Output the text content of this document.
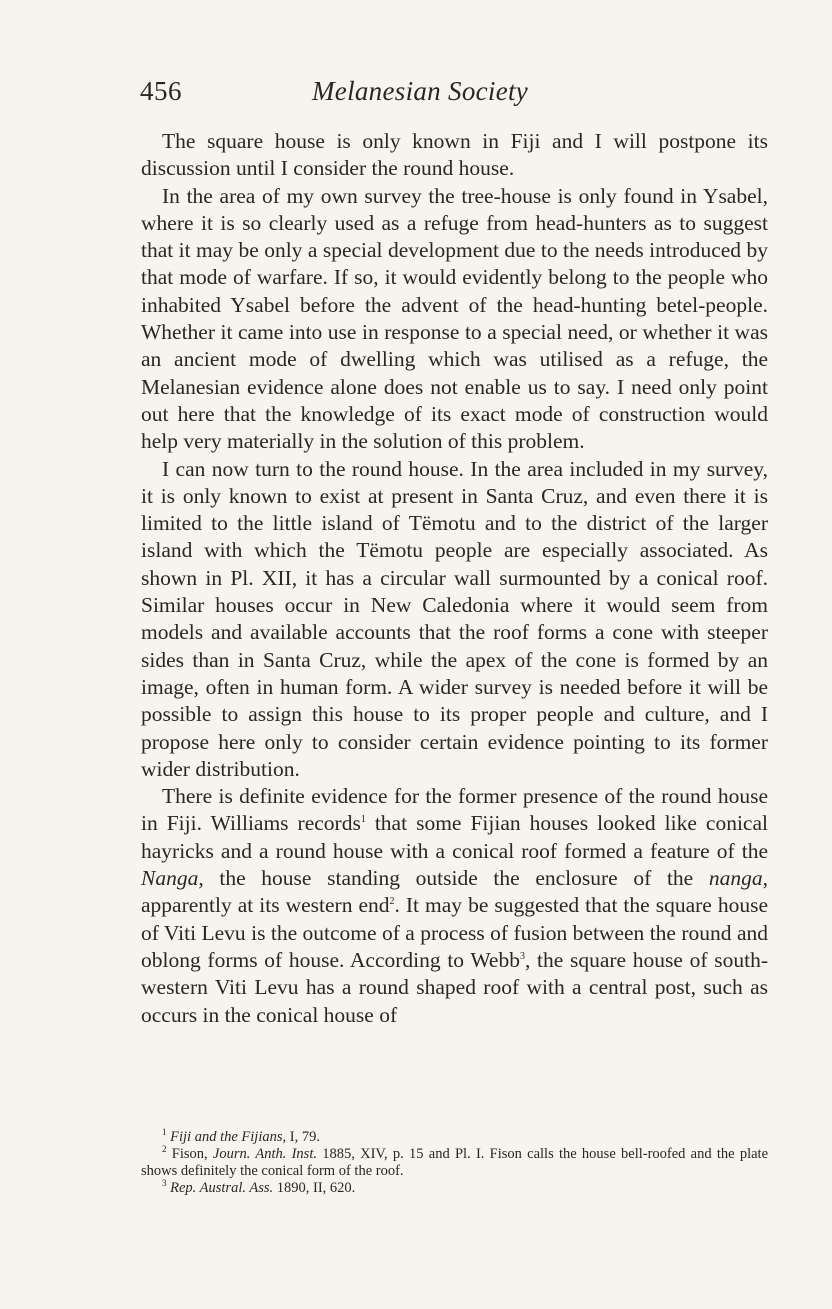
456	Melanesian Society

The square house is only known in Fiji and I will postpone its discussion until I consider the round house.

In the area of my own survey the tree-house is only found in Ysabel, where it is so clearly used as a refuge from head-hunters as to suggest that it may be only a special development due to the needs introduced by that mode of warfare. If so, it would evidently belong to the people who inhabited Ysabel before the advent of the head-hunting betel-people. Whether it came into use in response to a special need, or whether it was an ancient mode of dwelling which was utilised as a refuge, the Melanesian evidence alone does not enable us to say. I need only point out here that the knowledge of its exact mode of construction would help very materially in the solution of this problem.

I can now turn to the round house. In the area included in my survey, it is only known to exist at present in Santa Cruz, and even there it is limited to the little island of Tëmotu and to the district of the larger island with which the Tëmotu people are especially associated. As shown in Pl. XII, it has a circular wall surmounted by a conical roof. Similar houses occur in New Caledonia where it would seem from models and available accounts that the roof forms a cone with steeper sides than in Santa Cruz, while the apex of the cone is formed by an image, often in human form. A wider survey is needed before it will be possible to assign this house to its proper people and culture, and I propose here only to consider certain evidence pointing to its former wider distribution.

There is definite evidence for the former presence of the round house in Fiji. Williams records$^1$ that some Fijian houses looked like conical hayricks and a round house with a conical roof formed a feature of the Nanga, the house standing outside the enclosure of the nanga, apparently at its western end$^2$. It may be suggested that the square house of Viti Levu is the outcome of a process of fusion between the round and oblong forms of house. According to Webb$^3$, the square house of south-western Viti Levu has a round shaped roof with a central post, such as occurs in the conical house of

$^1$ Fiji and the Fijians, I, 79.

$^2$ Fison, Journ. Anth. Inst. 1885, XIV, p. 15 and Pl. I. Fison calls the house bell-roofed and the plate shows definitely the conical form of the roof.

$^3$ Rep. Austral. Ass. 1890, II, 620.
